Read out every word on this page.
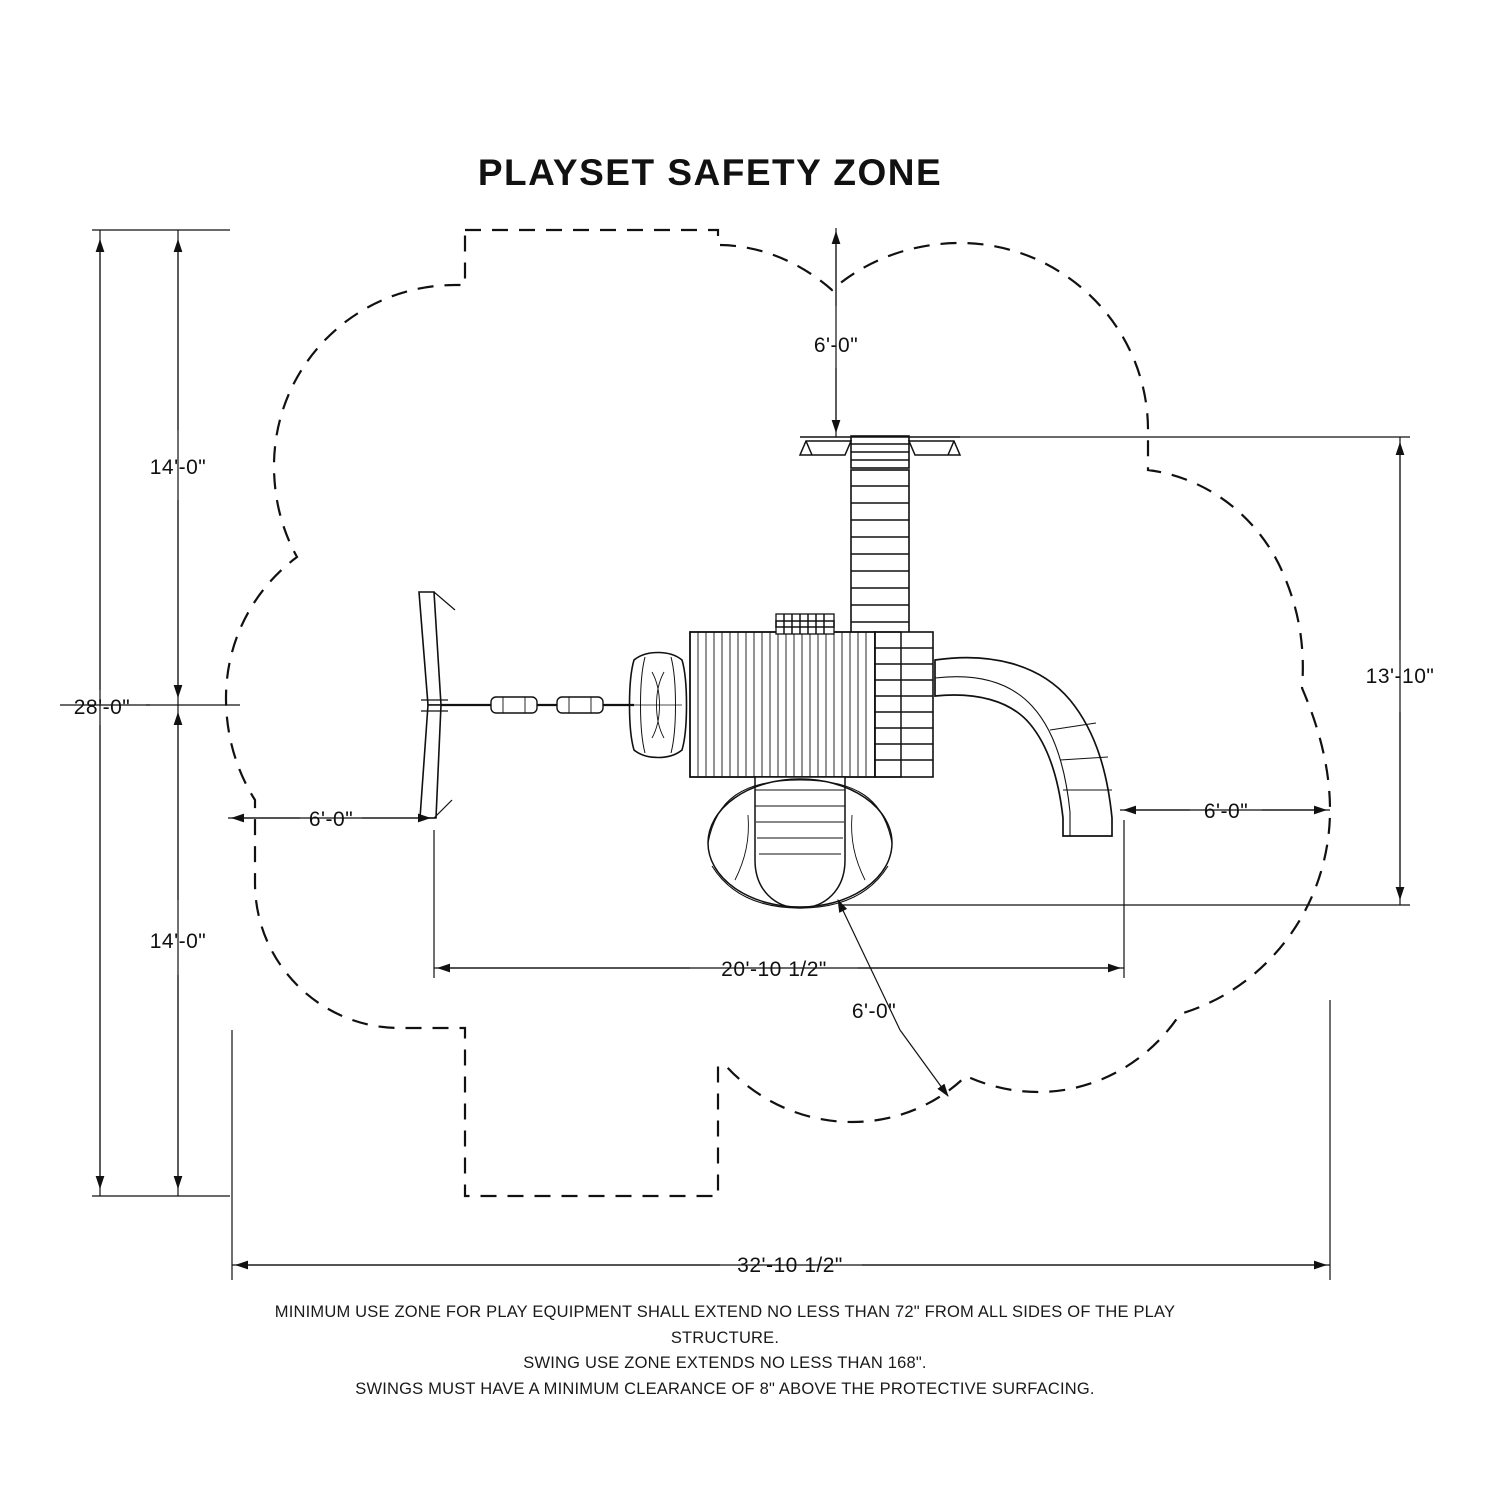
PLAYSET SAFETY ZONE
6'-0"
14'-0"
28'-0"
14'-0"
13'-10"
6'-0"	6'-0"
20'-10 1/2"
6'-0"
32'-10 1/2"
MINIMUM USE ZONE FOR PLAY EQUIPMENT SHALL EXTEND NO LESS THAN 72" FROM ALL SIDES OF THE PLAY
STRUCTURE.
SWING USE ZONE EXTENDS NO LESS THAN 168".
SWINGS MUST HAVE A MINIMUM CLEARANCE OF 8" ABOVE THE PROTECTIVE SURFACING.
